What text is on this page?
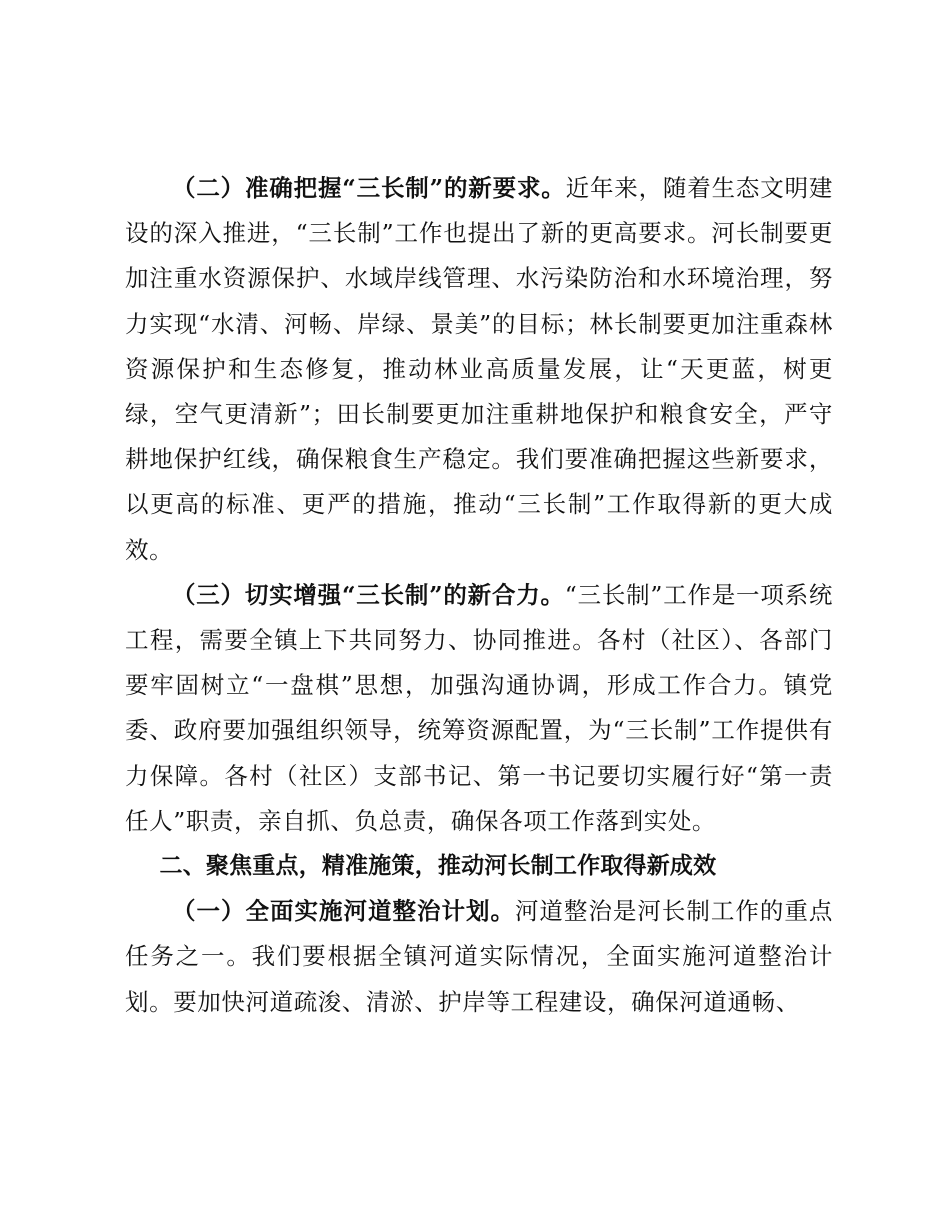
（二）准确把握“三长制”的新要求。近年来，随着生态文明建设的深入推进，“三长制”工作也提出了新的更高要求。河长制要更加注重水资源保护、水域岸线管理、水污染防治和水环境治理，努力实现“水清、河畅、岸绿、景美”的目标；林长制要更加注重森林资源保护和生态修复，推动林业高质量发展，让“天更蓝，树更绿，空气更清新”；田长制要更加注重耕地保护和粮食安全，严守耕地保护红线，确保粮食生产稳定。我们要准确把握这些新要求，以更高的标准、更严的措施，推动“三长制”工作取得新的更大成效。

（三）切实增强“三长制”的新合力。“三长制”工作是一项系统工程，需要全镇上下共同努力、协同推进。各村（社区）、各部门要牢固树立“一盘棋”思想，加强沟通协调，形成工作合力。镇党委、政府要加强组织领导，统筹资源配置，为“三长制”工作提供有力保障。各村（社区）支部书记、第一书记要切实履行好“第一责任人”职责，亲自抓、负总责，确保各项工作落到实处。

二、聚焦重点，精准施策，推动河长制工作取得新成效

（一）全面实施河道整治计划。河道整治是河长制工作的重点任务之一。我们要根据全镇河道实际情况，全面实施河道整治计划。要加快河道疏浚、清淤、护岸等工程建设，确保河道通畅、
